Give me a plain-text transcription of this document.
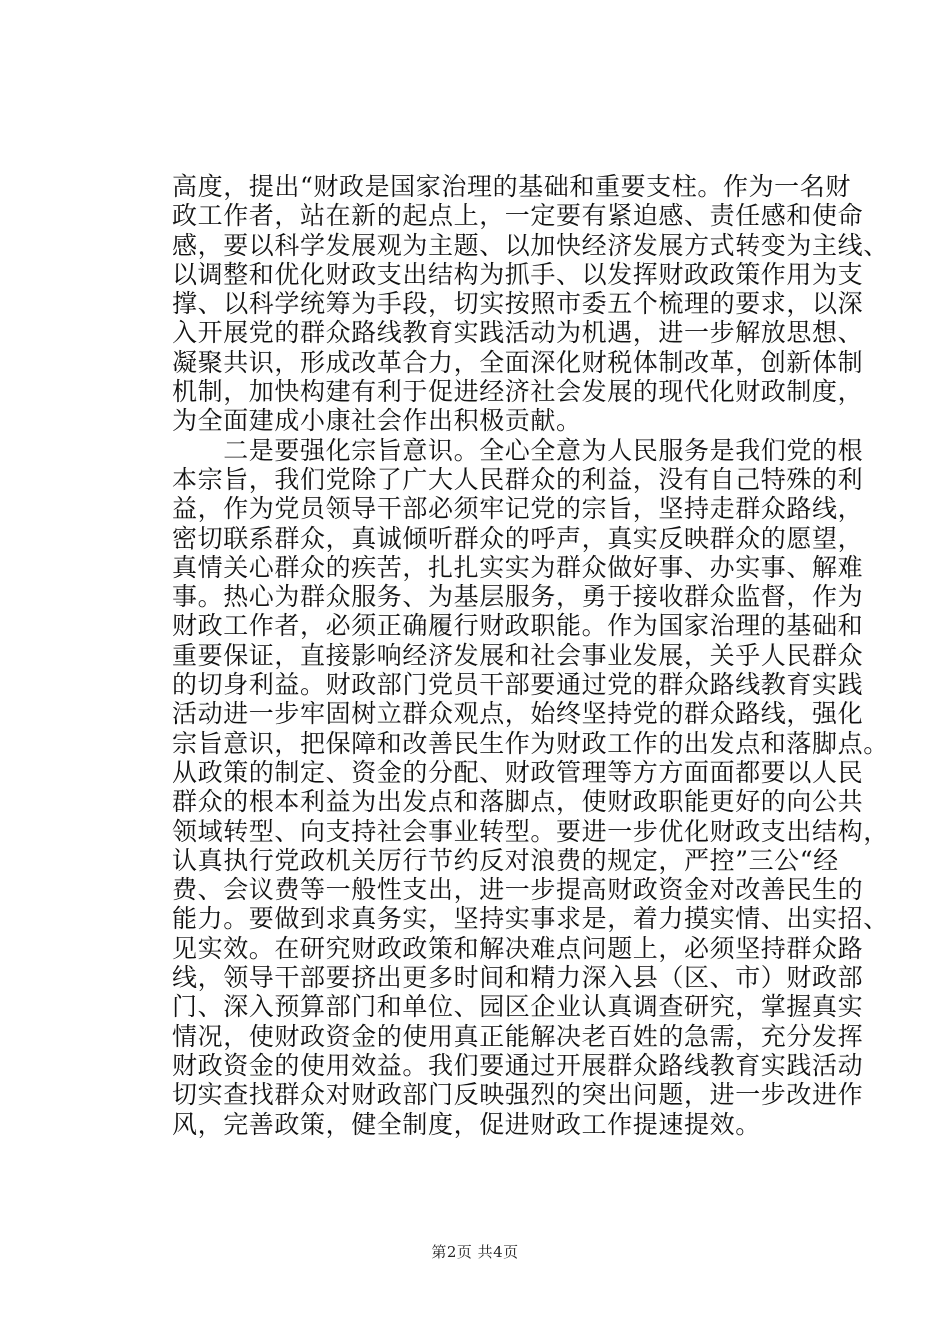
高度，提出“财政是国家治理的基础和重要支柱。作为一名财
政工作者，站在新的起点上，一定要有紧迫感、责任感和使命
感，要以科学发展观为主题、以加快经济发展方式转变为主线、
以调整和优化财政支出结构为抓手、以发挥财政政策作用为支
撑、以科学统筹为手段，切实按照市委五个梳理的要求，以深
入开展党的群众路线教育实践活动为机遇，进一步解放思想、
凝聚共识，形成改革合力，全面深化财税体制改革，创新体制
机制，加快构建有利于促进经济社会发展的现代化财政制度，
为全面建成小康社会作出积极贡献。

　　二是要强化宗旨意识。全心全意为人民服务是我们党的根
本宗旨，我们党除了广大人民群众的利益，没有自己特殊的利
益，作为党员领导干部必须牢记党的宗旨，坚持走群众路线，
密切联系群众，真诚倾听群众的呼声，真实反映群众的愿望，
真情关心群众的疾苦，扎扎实实为群众做好事、办实事、解难
事。热心为群众服务、为基层服务，勇于接收群众监督，作为
财政工作者，必须正确履行财政职能。作为国家治理的基础和
重要保证，直接影响经济发展和社会事业发展，关乎人民群众
的切身利益。财政部门党员干部要通过党的群众路线教育实践
活动进一步牢固树立群众观点，始终坚持党的群众路线，强化
宗旨意识，把保障和改善民生作为财政工作的出发点和落脚点。
从政策的制定、资金的分配、财政管理等方方面面都要以人民
群众的根本利益为出发点和落脚点，使财政职能更好的向公共
领域转型、向支持社会事业转型。要进一步优化财政支出结构，
认真执行党政机关厉行节约反对浪费的规定，严控”三公“经
费、会议费等一般性支出，进一步提高财政资金对改善民生的
能力。要做到求真务实，坚持实事求是，着力摸实情、出实招、
见实效。在研究财政政策和解决难点问题上，必须坚持群众路
线，领导干部要挤出更多时间和精力深入县（区、市）财政部
门、深入预算部门和单位、园区企业认真调查研究，掌握真实
情况，使财政资金的使用真正能解决老百姓的急需，充分发挥
财政资金的使用效益。我们要通过开展群众路线教育实践活动
切实查找群众对财政部门反映强烈的突出问题，进一步改进作
风，完善政策，健全制度，促进财政工作提速提效。

第2页 共4页
